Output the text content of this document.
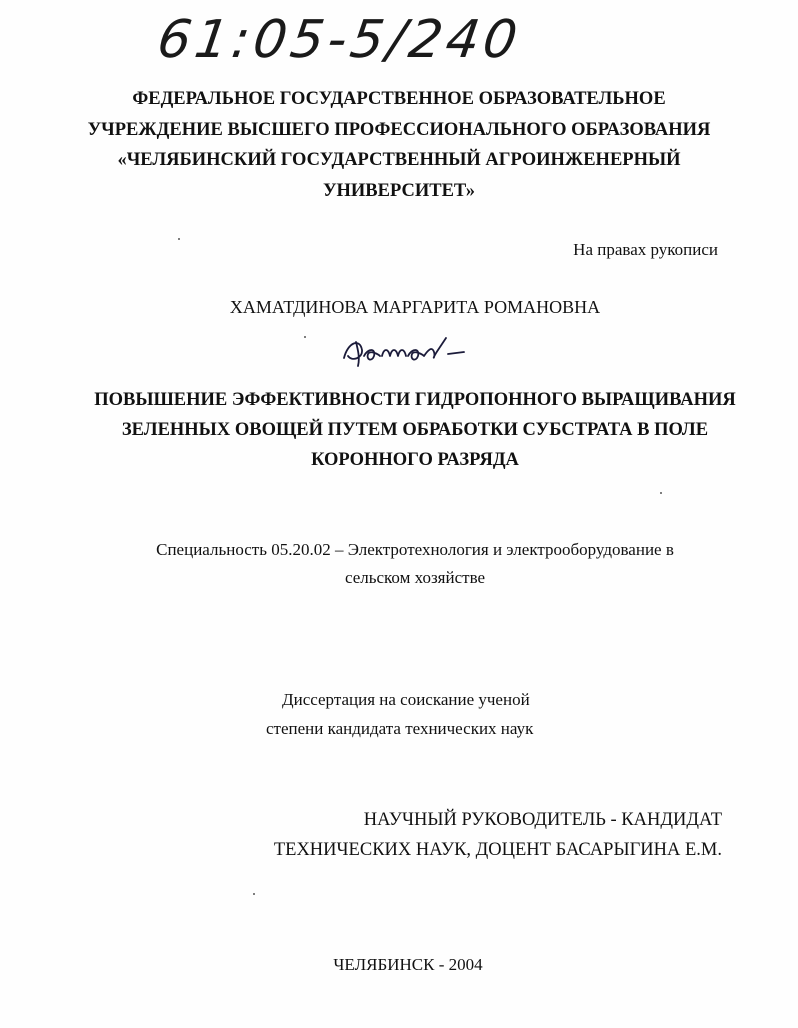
61:05-5/240
ФЕДЕРАЛЬНОЕ ГОСУДАРСТВЕННОЕ ОБРАЗОВАТЕЛЬНОЕ
УЧРЕЖДЕНИЕ ВЫСШЕГО ПРОФЕССИОНАЛЬНОГО ОБРАЗОВАНИЯ
«ЧЕЛЯБИНСКИЙ ГОСУДАРСТВЕННЫЙ АГРОИНЖЕНЕРНЫЙ
УНИВЕРСИТЕТ»
На правах рукописи
ХАМАТДИНОВА МАРГАРИТА РОМАНОВНА
ПОВЫШЕНИЕ ЭФФЕКТИВНОСТИ ГИДРОПОННОГО ВЫРАЩИВАНИЯ
ЗЕЛЕННЫХ ОВОЩЕЙ ПУТЕМ ОБРАБОТКИ СУБСТРАТА В ПОЛЕ
КОРОННОГО РАЗРЯДА
Специальность 05.20.02 – Электротехнология и электрооборудование в
сельском хозяйстве
Диссертация на соискание ученой
степени кандидата технических наук
НАУЧНЫЙ РУКОВОДИТЕЛЬ - КАНДИДАТ
ТЕХНИЧЕСКИХ НАУК, ДОЦЕНТ БАСАРЫГИНА Е.М.
ЧЕЛЯБИНСК - 2004
